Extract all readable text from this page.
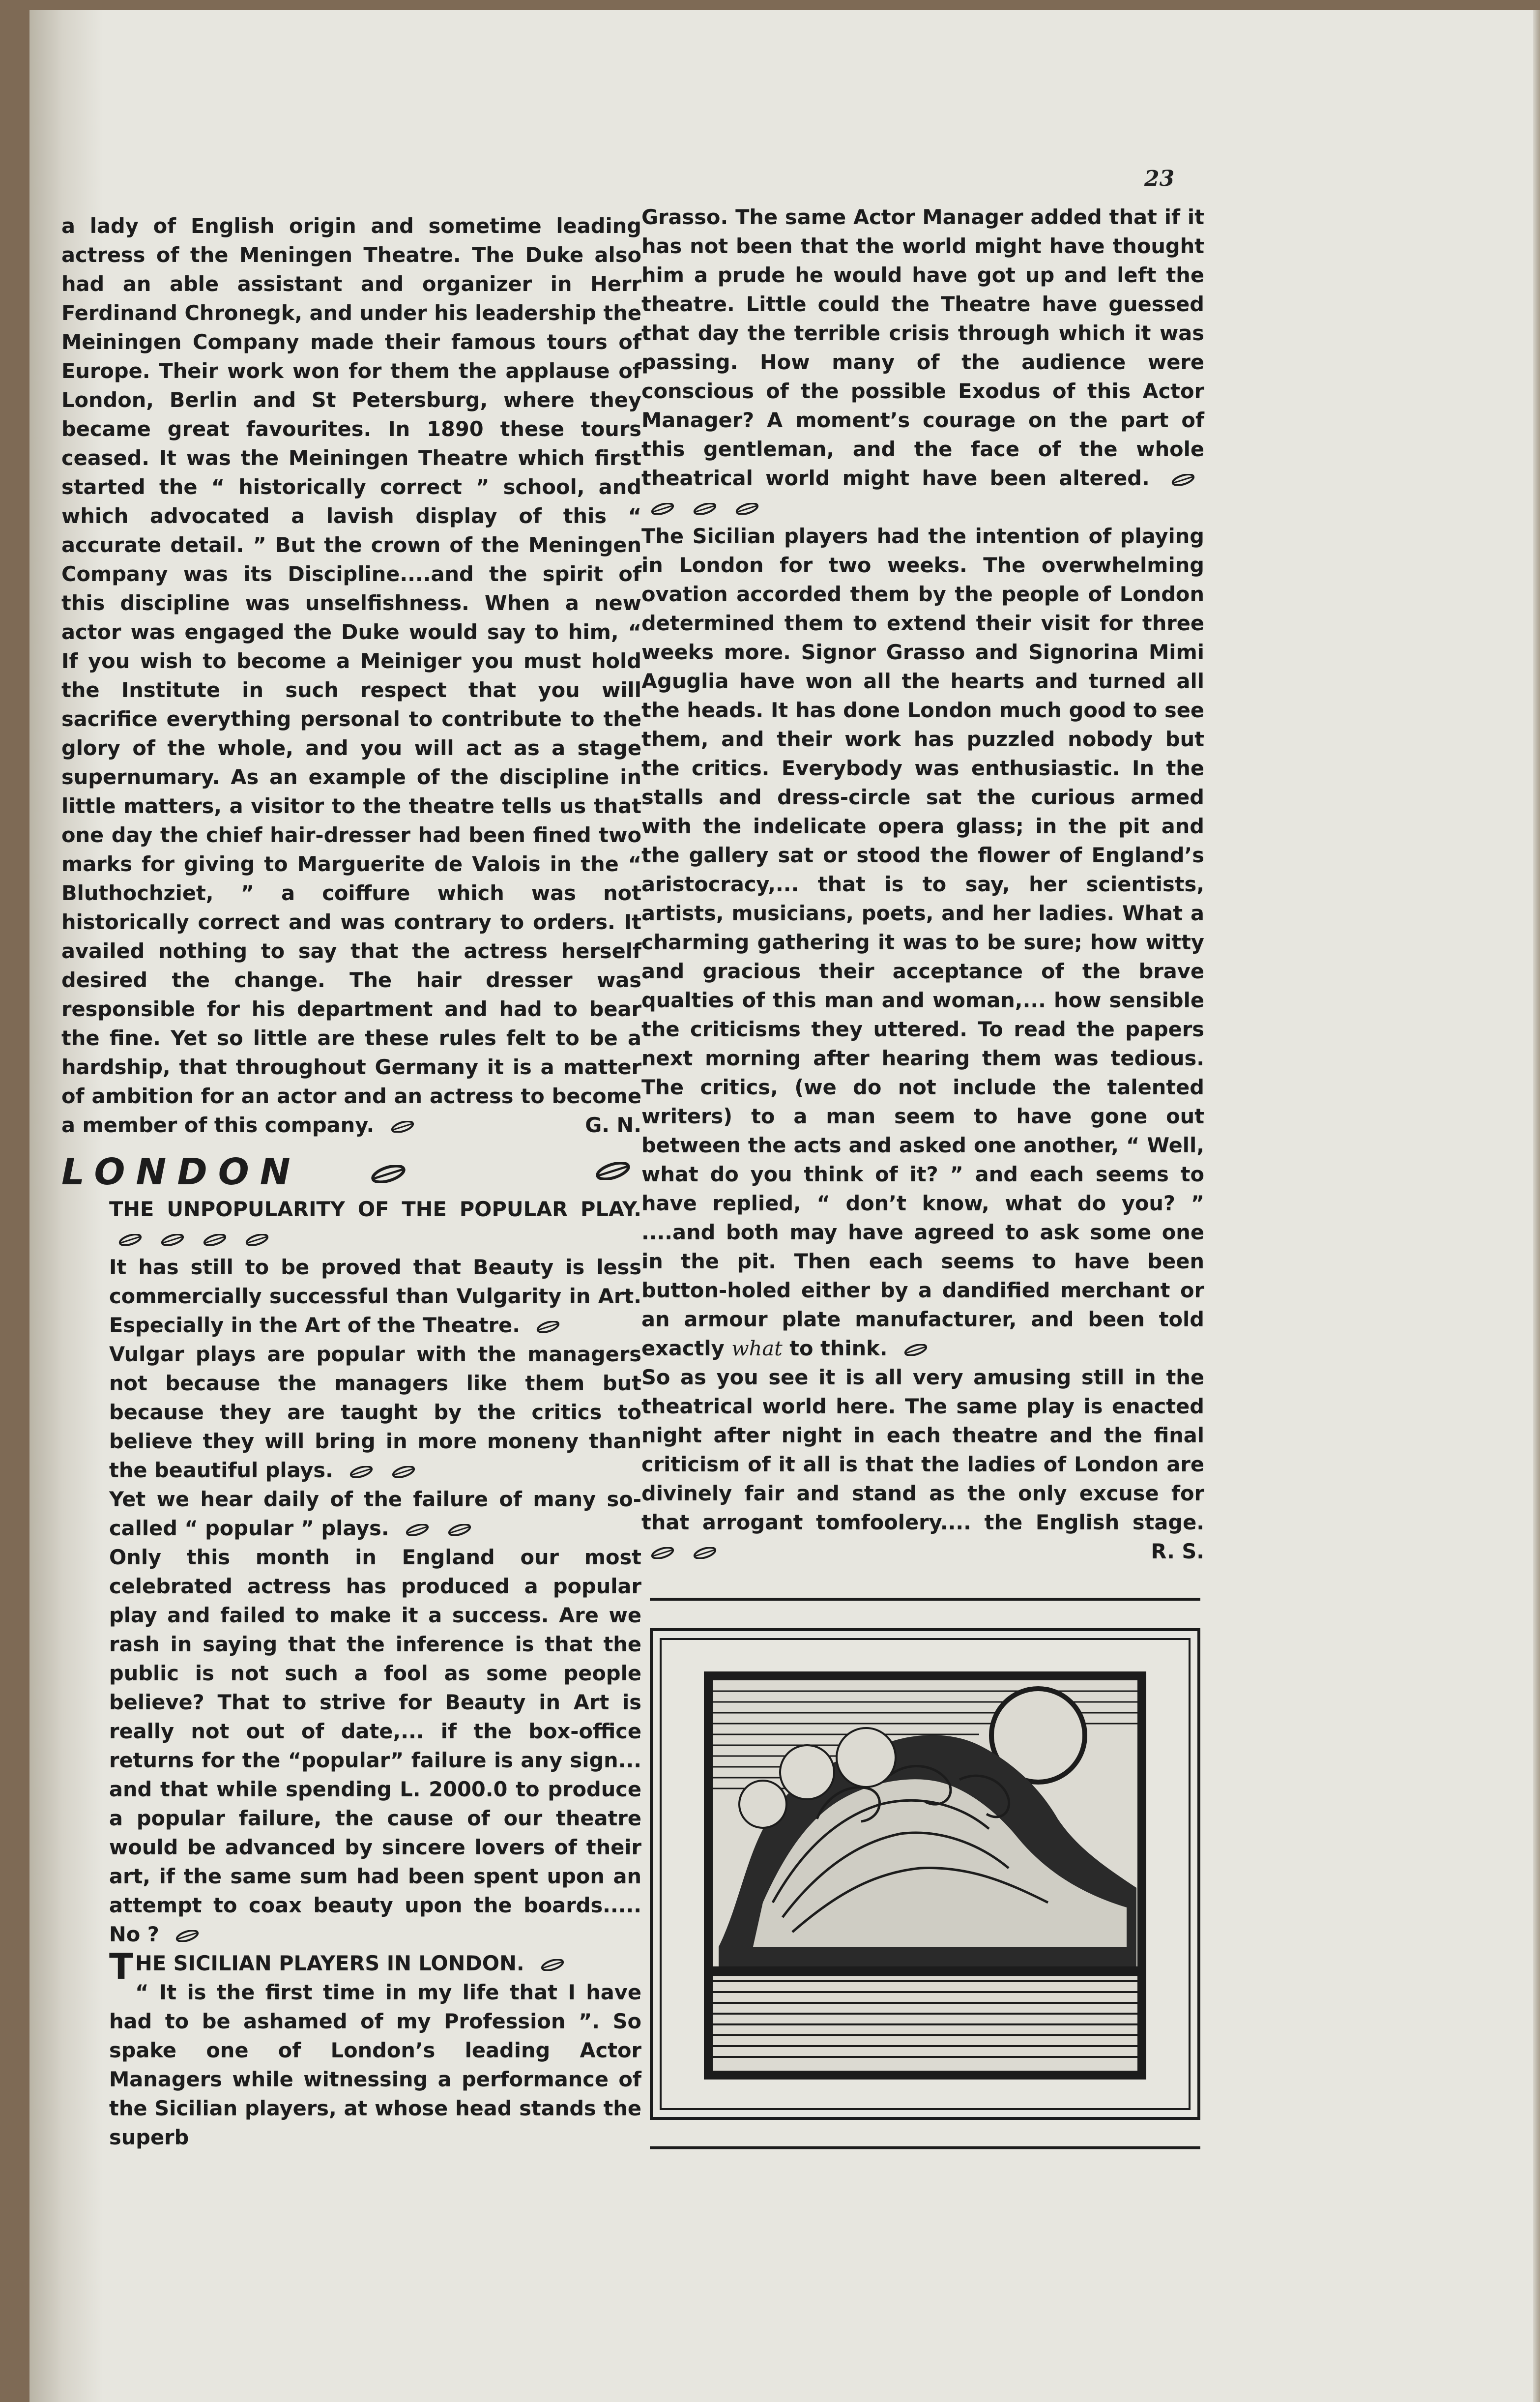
23

a lady of English origin and sometime leading actress of the Meningen Theatre. The Duke also had an able assistant and organizer in Herr Ferdinand Chronegk, and under his leadership the Meiningen Company made their famous tours of Europe. Their work won for them the applause of London, Berlin and St Petersburg, where they became great favourites. In 1890 these tours ceased. It was the Meiningen Theatre which first started the “ historically correct ” school, and which advocated a lavish display of this “ accurate detail. ” But the crown of the Meningen Company was its Discipline....and the spirit of this discipline was unselfishness. When a new actor was engaged the Duke would say to him, “ If you wish to become a Meiniger you must hold the Institute in such respect that you will sacrifice everything personal to contribute to the glory of the whole, and you will act as a stage supernumary. As an example of the discipline in little matters, a visitor to the theatre tells us that one day the chief hair-dresser had been fined two marks for giving to Marguerite de Valois in the “ Bluthochziet, ” a coiffure which was not historically correct and was contrary to orders. It availed nothing to say that the actress herself desired the change. The hair dresser was responsible for his department and had to bear the fine. Yet so little are these rules felt to be a hardship, that throughout Germany it is a matter of ambition for an actor and an actress to become a member of this company.	G. N.

LONDON

THE UNPOPULARITY OF THE POPULAR PLAY.

It has still to be proved that Beauty is less commercially successful than Vulgarity in Art. Especially in the Art of the Theatre.

Vulgar plays are popular with the managers not because the managers like them but because they are taught by the critics to believe they will bring in more moneny than the beautiful plays.

Yet we hear daily of the failure of many so-called “ popular ” plays.

Only this month in England our most celebrated actress has produced a popular play and failed to make it a success. Are we rash in saying that the inference is that the public is not such a fool as some people believe? That to strive for Beauty in Art is really not out of date,... if the box-office returns for the “popular” failure is any sign... and that while spending L. 2000.0 to produce a popular failure, the cause of our theatre would be advanced by sincere lovers of their art, if the same sum had been spent upon an attempt to coax beauty upon the boards..... No ?

THE SICILIAN PLAYERS IN LONDON.

“ It is the first time in my life that I have had to be ashamed of my Profession ”. So spake one of London’s leading Actor Managers while witnessing a performance of the Sicilian players, at whose head stands the superb

Grasso. The same Actor Manager added that if it has not been that the world might have thought him a prude he would have got up and left the theatre. Little could the Theatre have guessed that day the terrible crisis through which it was passing. How many of the audience were conscious of the possible Exodus of this Actor Manager? A moment’s courage on the part of this gentleman, and the face of the whole theatrical world might have been altered.

The Sicilian players had the intention of playing in London for two weeks. The overwhelming ovation accorded them by the people of London determined them to extend their visit for three weeks more. Signor Grasso and Signorina Mimi Aguglia have won all the hearts and turned all the heads. It has done London much good to see them, and their work has puzzled nobody but the critics. Everybody was enthusiastic. In the stalls and dress-circle sat the curious armed with the indelicate opera glass; in the pit and the gallery sat or stood the flower of England’s aristocracy,... that is to say, her scientists, artists, musicians, poets, and her ladies. What a charming gathering it was to be sure; how witty and gracious their acceptance of the brave qualties of this man and woman,... how sensible the criticisms they uttered. To read the papers next morning after hearing them was tedious. The critics, (we do not include the talented writers) to a man seem to have gone out between the acts and asked one another, “ Well, what do you think of it? ” and each seems to have replied, “ don’t know, what do you? ” ....and both may have agreed to ask some one in the pit. Then each seems to have been button-holed either by a dandified merchant or an armour plate manufacturer, and been told exactly what to think.

So as you see it is all very amusing still in the theatrical world here. The same play is enacted night after night in each theatre and the final criticism of it all is that the ladies of London are divinely fair and stand as the only excuse for that arrogant tomfoolery.... the English stage.
R. S.
